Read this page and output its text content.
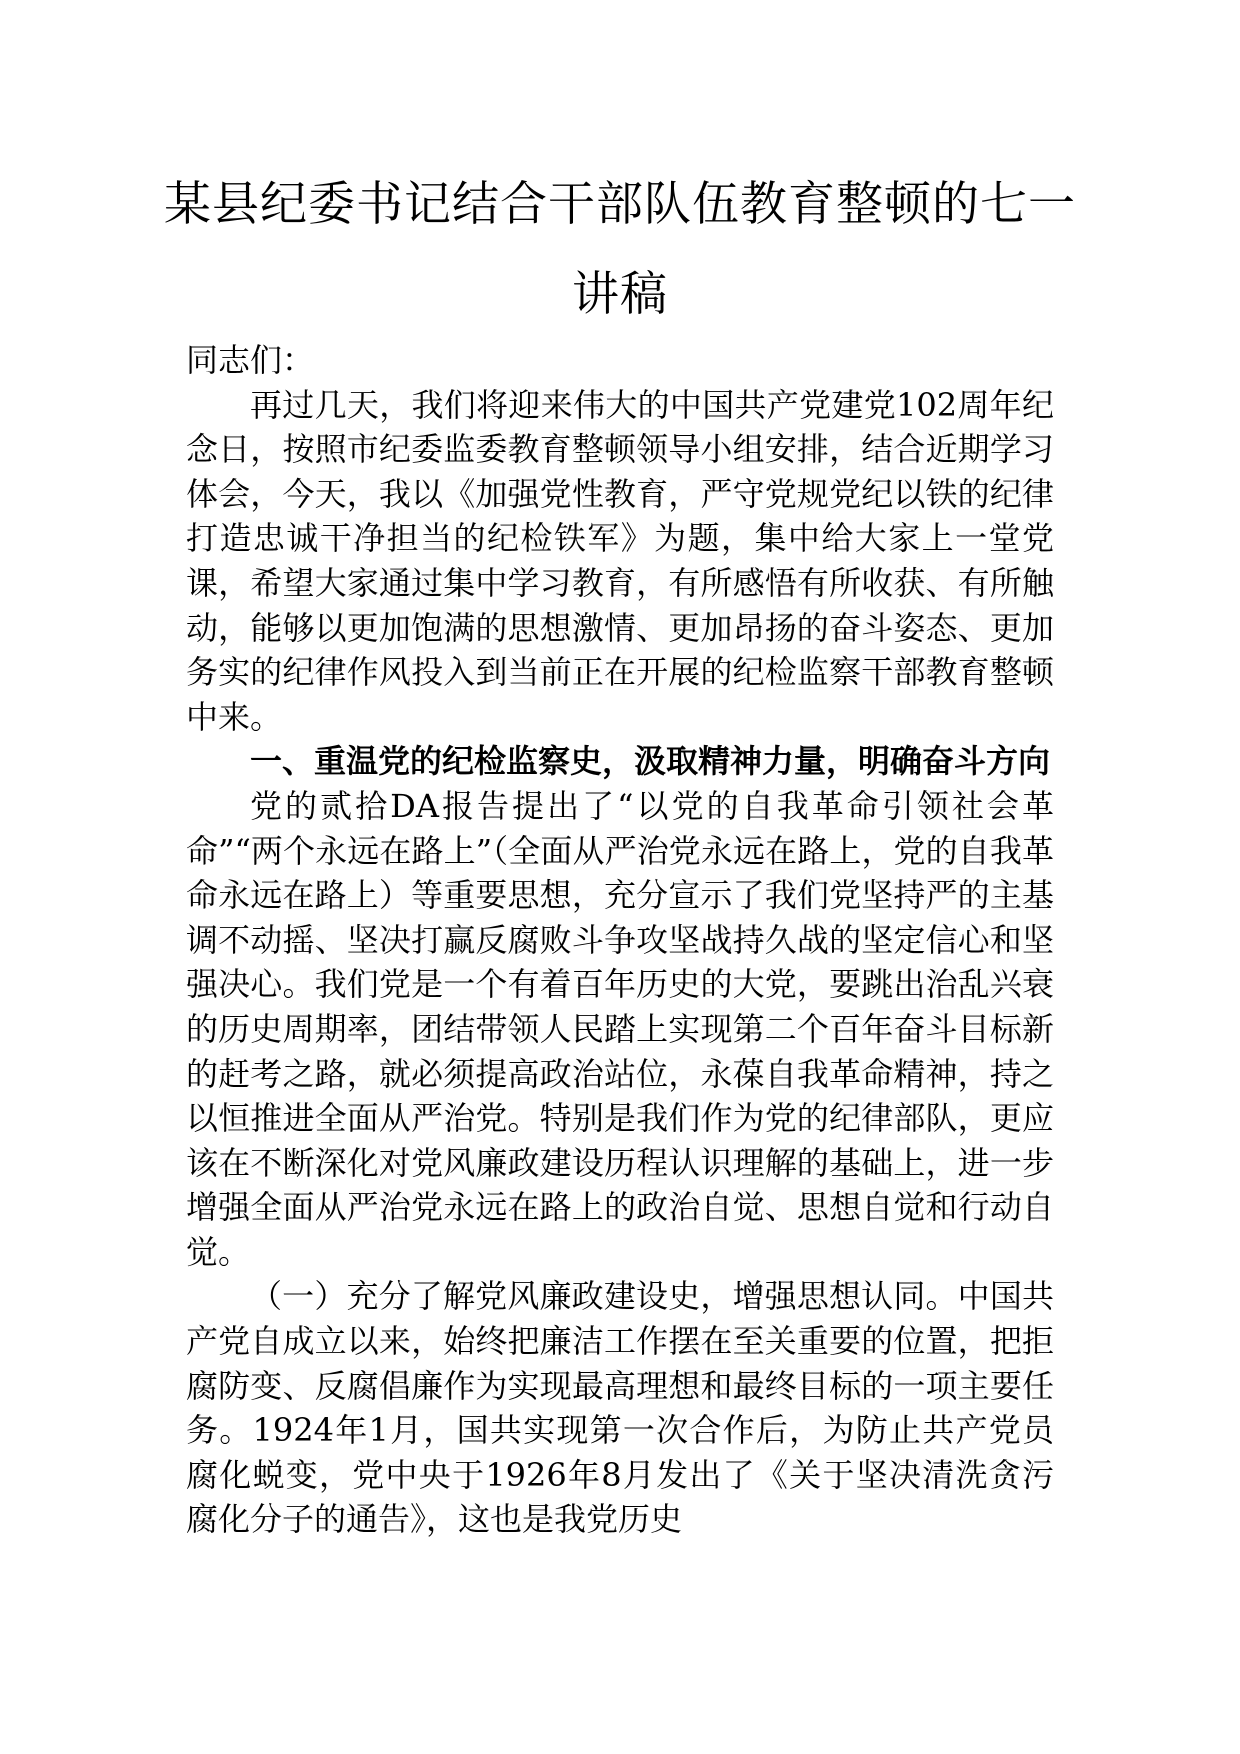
某县纪委书记结合干部队伍教育整顿的七一讲稿

同志们：

再过几天，我们将迎来伟大的中国共产党建党102周年纪念日，按照市纪委监委教育整顿领导小组安排，结合近期学习体会，今天，我以《加强党性教育，严守党规党纪以铁的纪律打造忠诚干净担当的纪检铁军》为题，集中给大家上一堂党课，希望大家通过集中学习教育，有所感悟有所收获、有所触动，能够以更加饱满的思想激情、更加昂扬的奋斗姿态、更加务实的纪律作风投入到当前正在开展的纪检监察干部教育整顿中来。

一、重温党的纪检监察史，汲取精神力量，明确奋斗方向

党的贰拾DA报告提出了“以党的自我革命引领社会革命”“两个永远在路上”（全面从严治党永远在路上，党的自我革命永远在路上）等重要思想，充分宣示了我们党坚持严的主基调不动摇、坚决打赢反腐败斗争攻坚战持久战的坚定信心和坚强决心。我们党是一个有着百年历史的大党，要跳出治乱兴衰的历史周期率，团结带领人民踏上实现第二个百年奋斗目标新的赶考之路，就必须提高政治站位，永葆自我革命精神，持之以恒推进全面从严治党。特别是我们作为党的纪律部队，更应该在不断深化对党风廉政建设历程认识理解的基础上，进一步增强全面从严治党永远在路上的政治自觉、思想自觉和行动自觉。

（一）充分了解党风廉政建设史，增强思想认同。中国共产党自成立以来，始终把廉洁工作摆在至关重要的位置，把拒腐防变、反腐倡廉作为实现最高理想和最终目标的一项主要任务。1924年1月，国共实现第一次合作后，为防止共产党员腐化蜕变，党中央于1926年8月发出了《关于坚决清洗贪污腐化分子的通告》，这也是我党历史
